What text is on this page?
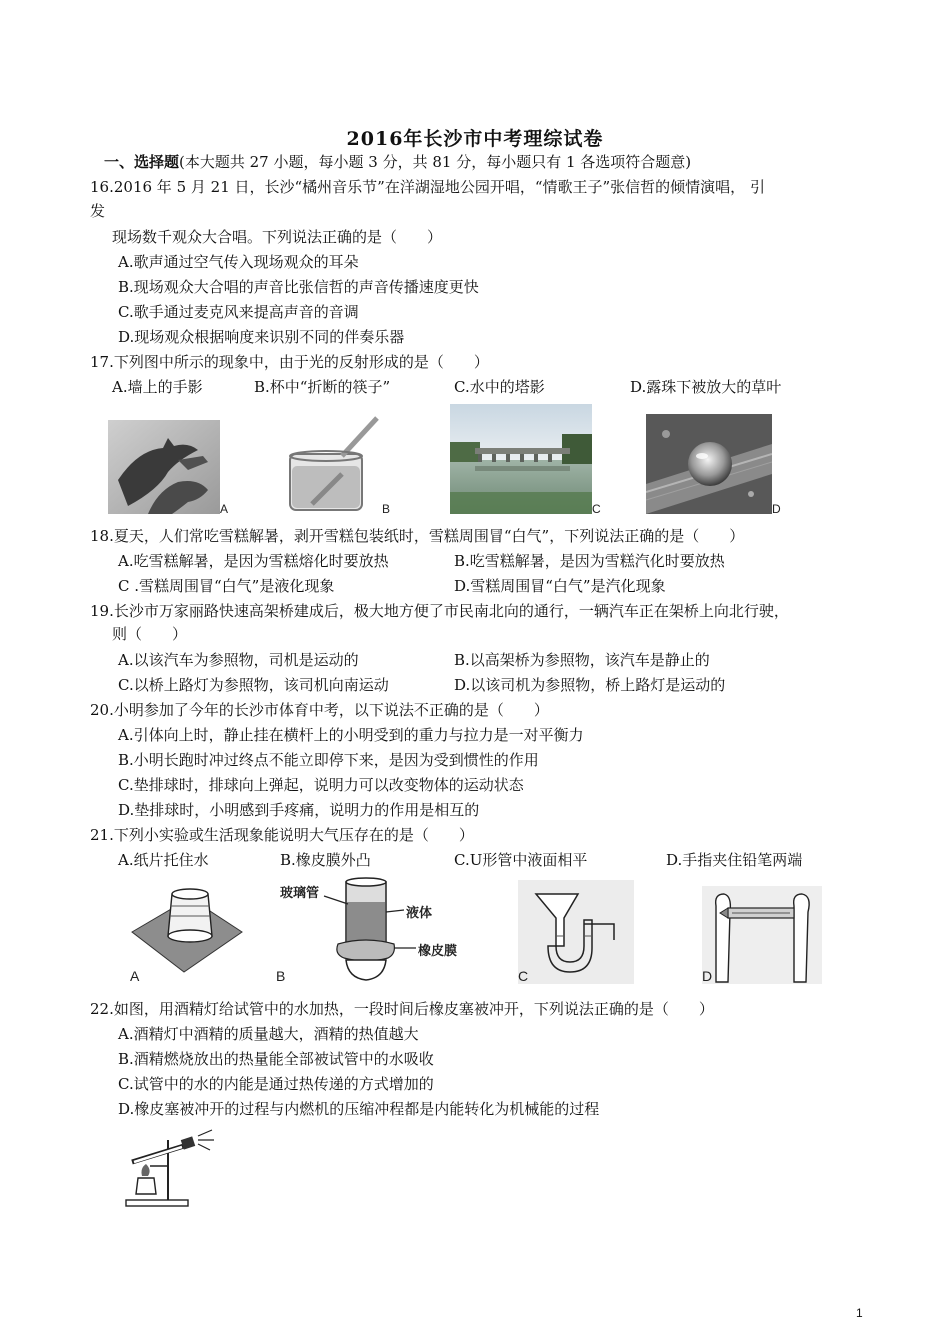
2016年长沙市中考理综试卷
一、选择题(本大题共 27 小题，每小题 3 分，共 81 分，每小题只有 1 各选项符合题意)
16.2016 年 5 月 21 日，长沙“橘州音乐节”在洋湖湿地公园开唱，“情歌王子”张信哲的倾情演唱， 引
发
现场数千观众大合唱。下列说法正确的是（　　）
A.歌声通过空气传入现场观众的耳朵
B.现场观众大合唱的声音比张信哲的声音传播速度更快
C.歌手通过麦克风来提高声音的音调
D.现场观众根据响度来识别不同的伴奏乐器
17.下列图中所示的现象中，由于光的反射形成的是（　　）
A.墙上的手影	B.杯中“折断的筷子”	C.水中的塔影	D.露珠下被放大的草叶
A	B	C	D
18.夏天，人们常吃雪糕解暑，剥开雪糕包装纸时，雪糕周围冒“白气”，下列说法正确的是（　　）
A.吃雪糕解暑，是因为雪糕熔化时要放热	B.吃雪糕解暑，是因为雪糕汽化时要放热
C .雪糕周围冒“白气”是液化现象	D.雪糕周围冒“白气”是汽化现象
19.长沙市万家丽路快速高架桥建成后，极大地方便了市民南北向的通行，一辆汽车正在架桥上向北行驶，
则（　　）
A.以该汽车为参照物，司机是运动的	B.以高架桥为参照物，该汽车是静止的
C.以桥上路灯为参照物，该司机向南运动	D.以该司机为参照物，桥上路灯是运动的
20.小明参加了今年的长沙市体育中考，以下说法不正确的是（　　）
A.引体向上时，静止挂在横杆上的小明受到的重力与拉力是一对平衡力
B.小明长跑时冲过终点不能立即停下来，是因为受到惯性的作用
C.垫排球时，排球向上弹起，说明力可以改变物体的运动状态
D.垫排球时，小明感到手疼痛，说明力的作用是相互的
21.下列小实验或生活现象能说明大气压存在的是（　　）
A.纸片托住水	B.橡皮膜外凸	C.U形管中液面相平	D.手指夹住铅笔两端
A
玻璃管
液体
橡皮膜
B	C	D
22.如图，用酒精灯给试管中的水加热，一段时间后橡皮塞被冲开，下列说法正确的是（　　）
A.酒精灯中酒精的质量越大，酒精的热值越大
B.酒精燃烧放出的热量能全部被试管中的水吸收
C.试管中的水的内能是通过热传递的方式增加的
D.橡皮塞被冲开的过程与内燃机的压缩冲程都是内能转化为机械能的过程
1
